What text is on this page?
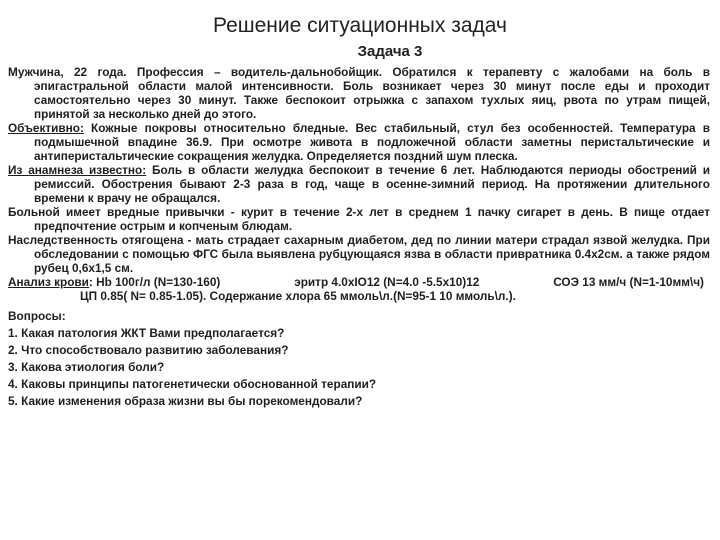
Решение ситуационных задач
Задача 3

Мужчина, 22 года. Профессия – водитель-дальнобойщик. Обратился к терапевту с жалобами на боль в эпигастральной области малой интенсивности. Боль возникает через 30 минут после еды и проходит самостоятельно через 30 минут. Также беспокоит отрыжка с запахом тухлых яиц, рвота по утрам пищей, принятой за несколько дней до этого.

Объективно: Кожные покровы относительно бледные. Вес стабильный, стул без особенностей. Температура в подмышечной впадине 36.9. При осмотре живота в подложечной области заметны перистальтические и антиперистальтические сокращения желудка. Определяется поздний шум плеска.

Из анамнеза известно: Боль в области желудка беспокоит в течение 6 лет. Наблюдаются периоды обострений и ремиссий. Обострения бывают 2-3 раза в год, чаще в осенне-зимний период. На протяжении длительного времени к врачу не обращался.

Больной имеет вредные привычки - курит в течение 2-х лет в среднем 1 пачку сигарет в день. В пище отдает предпочтение острым и копченым блюдам.

Наследственность отягощена - мать страдает сахарным диабетом, дед по линии матери страдал язвой желудка. При обследовании с помощью ФГС была выявлена рубцующаяся язва в области привратника 0.4х2см. а также рядом рубец 0,6х1,5 см.

Анализ крови: Hb 100г/л (N=130-160)	эритр 4.0хIO12 (N=4.0 -5.5х10)12	СОЭ 13 мм/ч (N=1-10мм\ч)
ЦП 0.85( N= 0.85-1.05). Содержание хлора 65 ммоль\л.(N=95-1 10 ммоль\л.).

Вопросы:

1. Какая патология ЖКТ Вами предполагается?

2. Что способствовало развитию заболевания?

3. Какова этиология боли?

4. Каковы принципы патогенетически обоснованной терапии?

5. Какие изменения образа жизни вы бы порекомендовали?
